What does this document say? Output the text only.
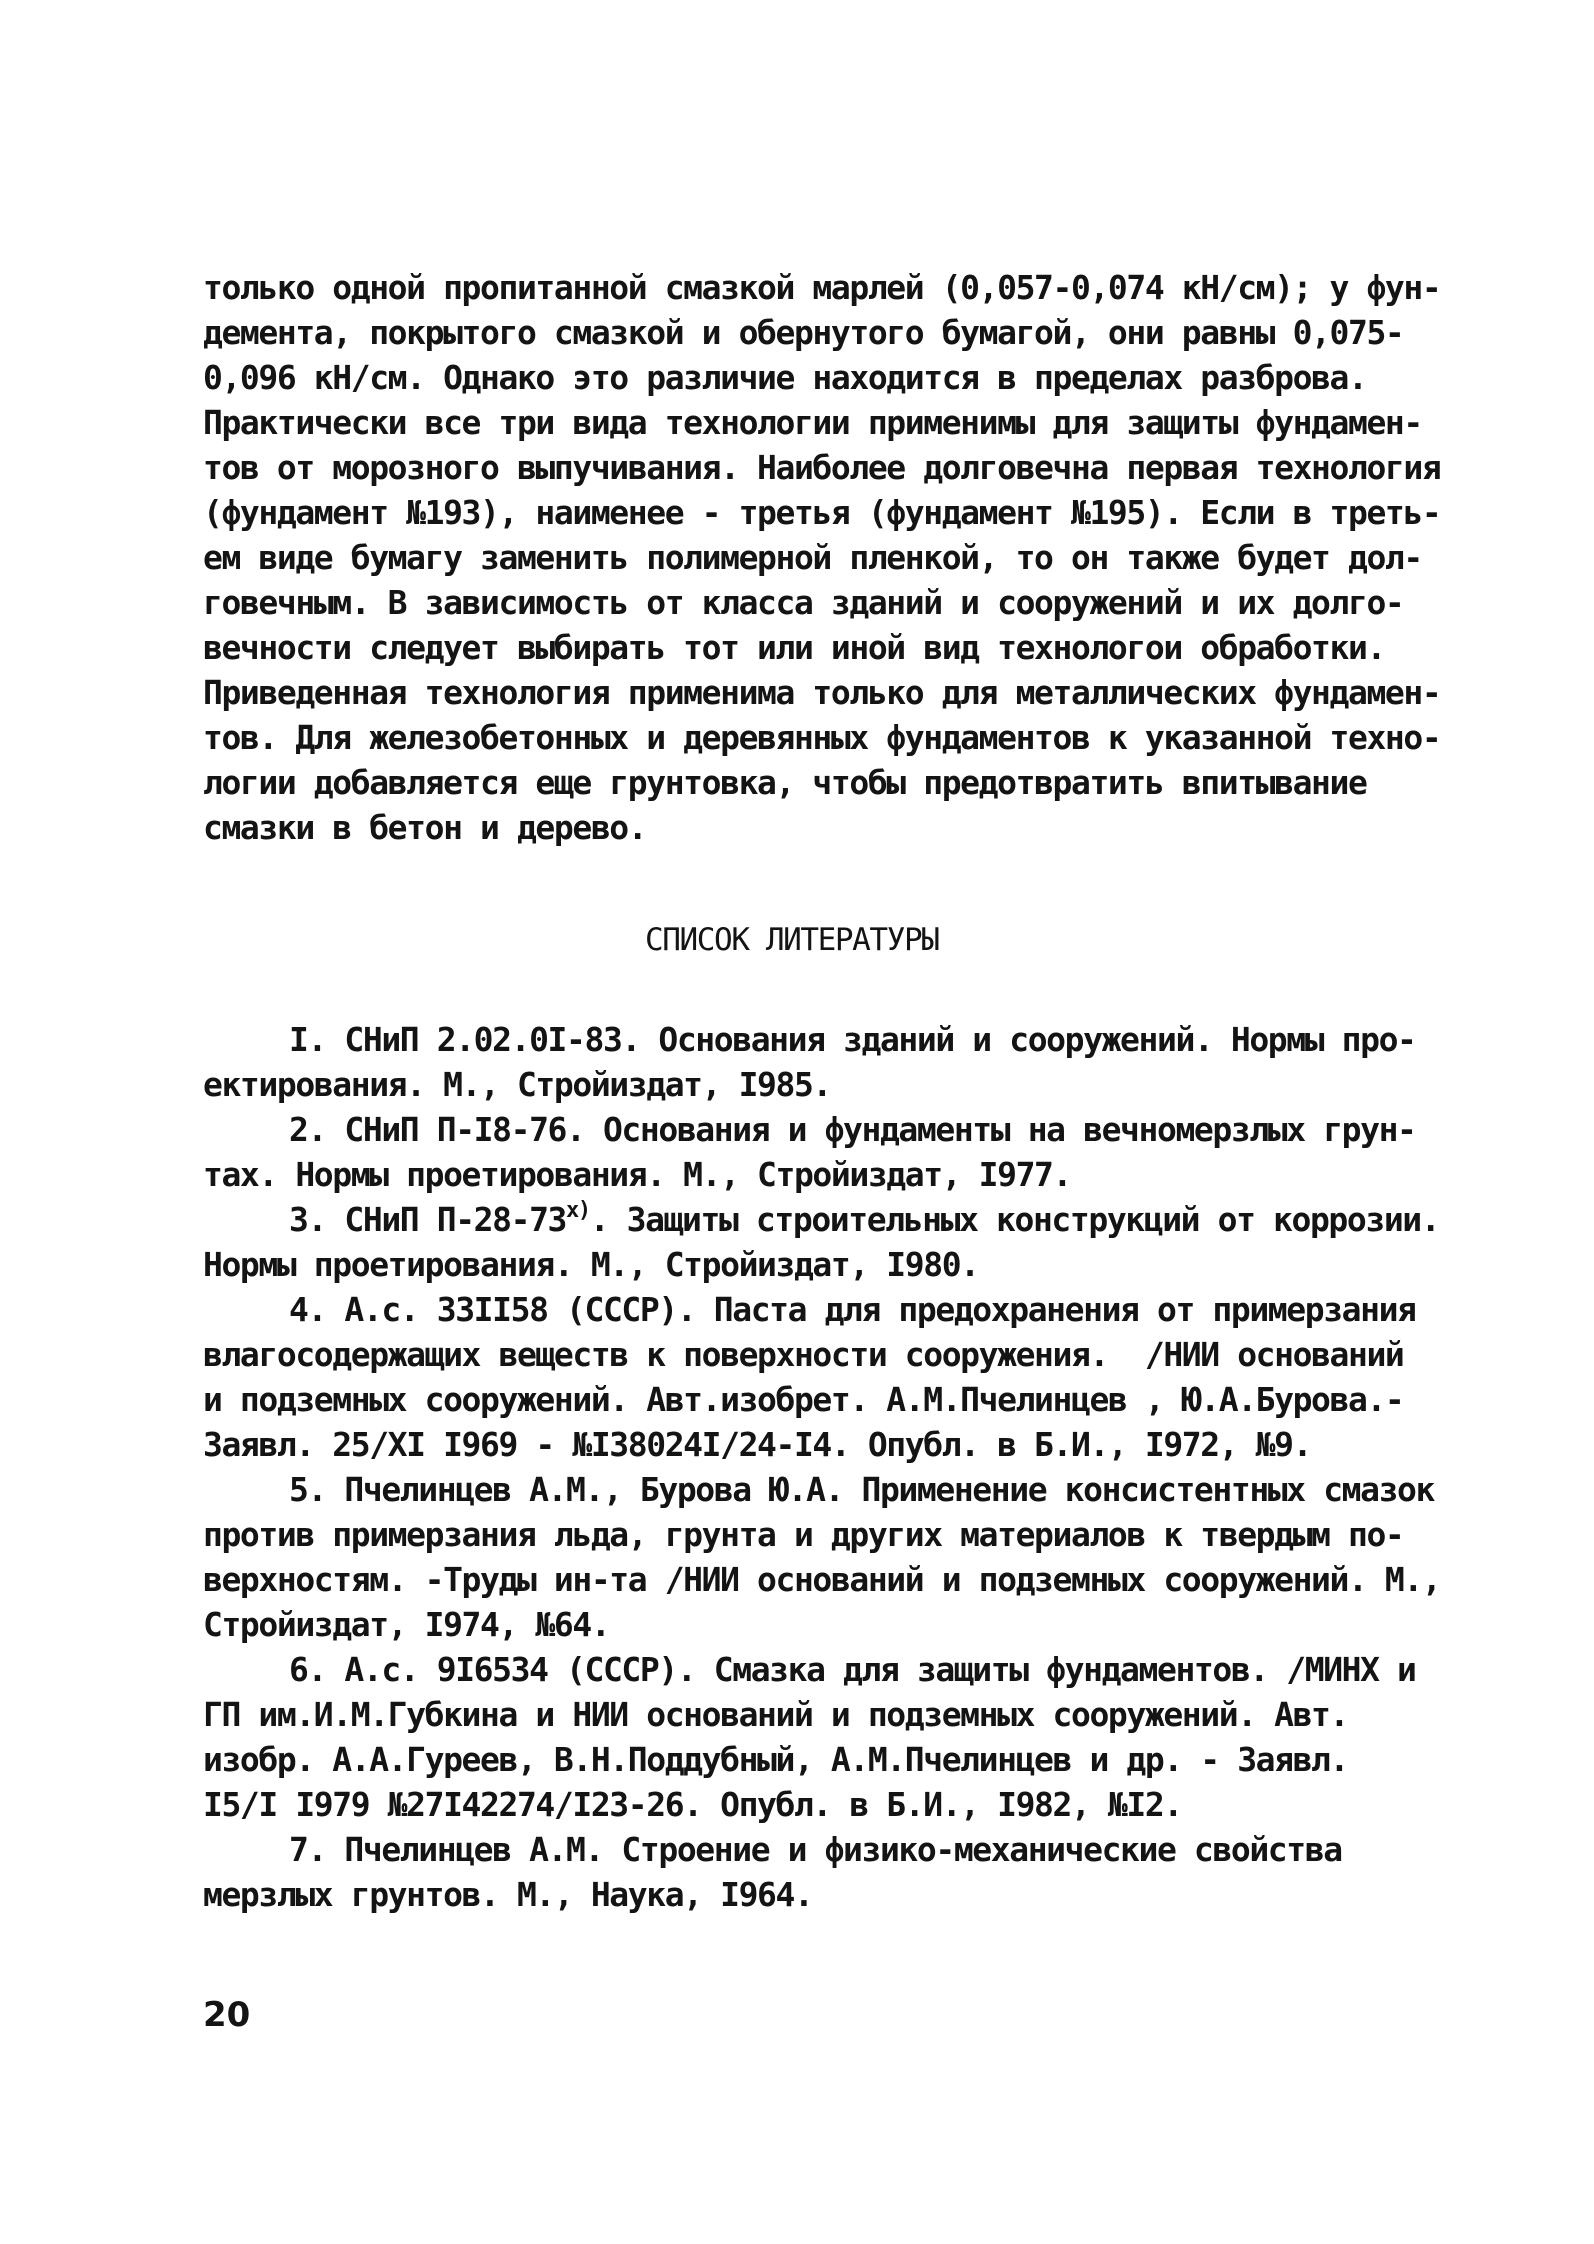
только одной пропитанной смазкой марлей (0,057-0,074 кН/см); у фун-
демента, покрытого смазкой и обернутого бумагой, они равны 0,075-
0,096 кН/см. Однако это различие находится в пределах разброва.
Практически все три вида технологии применимы для защиты фундамен-
тов от морозного выпучивания. Наиболее долговечна первая технология
(фундамент №193), наименее - третья (фундамент №195). Если в треть-
ем виде бумагу заменить полимерной пленкой, то он также будет дол-
говечным. В зависимость от класса зданий и сооружений и их долго-
вечности следует выбирать тот или иной вид технологои обработки.
Приведенная технология применима только для металлических фундамен-
тов. Для железобетонных и деревянных фундаментов к указанной техно-
логии добавляется еще грунтовка, чтобы предотвратить впитывание
смазки в бетон и дерево.
СПИСОК ЛИТЕРАТУРЫ
I. СНиП 2.02.0I-83. Основания зданий и сооружений. Нормы про-
ектирования. М., Стройиздат, I985.
2. СНиП П-I8-76. Основания и фундаменты на вечномерзлых грун-
тах. Нормы проетирования. М., Стройиздат, I977.
3. СНиП $П-28-73^{х)}$. Защиты строительных конструкций от коррозии.
Нормы проетирования. М., Стройиздат, I980.
4. А.с. 33II58 (СССР). Паста для предохранения от примерзания
влагосодержащих веществ к поверхности сооружения.  /НИИ оснований
и подземных сооружений. Авт.изобрет. А.М.Пчелинцев , Ю.А.Бурова.-
Заявл. 25/XI I969 - №I38024I/24-I4. Опубл. в Б.И., I972, №9.
5. Пчелинцев А.М., Бурова Ю.А. Применение консистентных смазок
против примерзания льда, грунта и других материалов к твердым по-
верхностям. -Труды ин-та /НИИ оснований и подземных сооружений. М.,
Стройиздат, I974, №64.
6. А.с. 9I6534 (СССР). Смазка для защиты фундаментов. /МИНХ и
ГП им.И.М.Губкина и НИИ оснований и подземных сооружений. Авт.
изобр. А.А.Гуреев, В.Н.Поддубный, А.М.Пчелинцев и др. - Заявл.
I5/I I979 №27I42274/I23-26. Опубл. в Б.И., I982, №I2.
7. Пчелинцев А.М. Строение и физико-механические свойства
мерзлых грунтов. М., Наука, I964.
20
